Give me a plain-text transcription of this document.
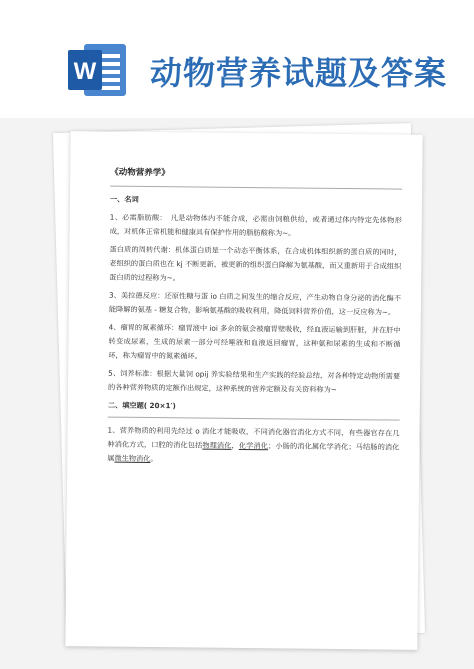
W 动物营养试题及答案
《动物营养学》
一、名词
1、必需脂肪酸：　凡是动物体内不能合成，必需由饲粮供给，或者通过体内特定先体物形成，对机体正常机能和健康具有保护作用的脂肪酸称为~。
蛋白质的周转代谢：机体蛋白质是一个动态平衡体系，在合成机体组织新的蛋白质的同时，老组织的蛋白质也在 kj 不断更新，被更新的组织蛋白降解为氨基酸，而又重新用于合成组织蛋白质的过程称为~。
3、美拉德反应：还原性糖与蛋 io 白质之间发生的缩合反应，产生动物自身分泌的消化酶不能降解的氨基 - 糖复合物，影响氨基酸的吸收利用，降低饲料营养价值，这一反应称为~。
4、瘤胃的氮素循环：瘤胃液中 ioi 多余的氨会被瘤胃壁吸收，经血液运输到肝脏，并在肝中转变成尿素，生成的尿素一部分可经唾液和血液返回瘤胃，这种氨和尿素的生成和不断循环，称为瘤胃中的氮素循环。
5、饲养标准：根据大量饲 opij 养实验结果和生产实践的经验总结，对各种特定动物所需要的各种营养物质的定额作出规定，这种系统的营养定额及有关资料称为~
二、填空题( 20×1′)
1、营养物质的利用先经过 o 消化才能吸收，不同消化器官消化方式不同，有些器官存在几种消化方式，口腔的消化包括物理消化，化学消化；小肠的消化属化学消化；马结肠的消化属微生物消化。
